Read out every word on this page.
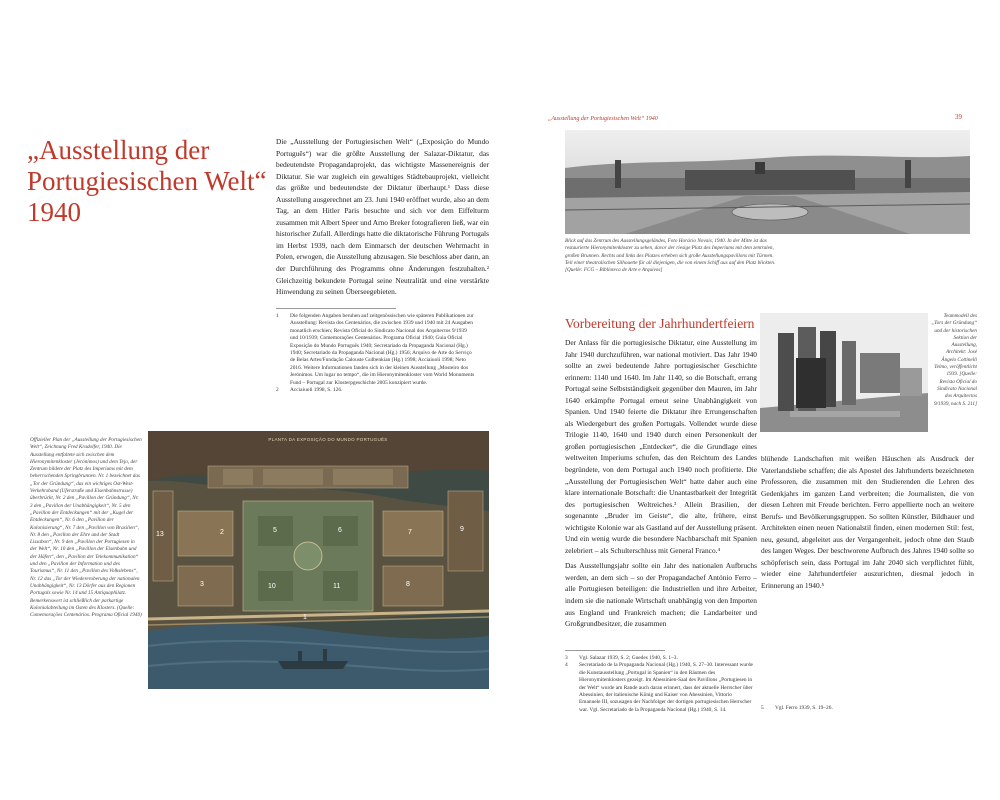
„Ausstellung der Portugiesischen Welt“ 1940

Die „Ausstellung der Portugiesischen Welt“ („Exposição do Mundo Português“) war die größte Ausstellung der Salazar-Diktatur, das bedeutendste Propagandaprojekt, das wichtigste Massenereignis der Diktatur. Sie war zugleich ein gewaltiges Städtebauprojekt, vielleicht das größte und bedeutendste der Diktatur überhaupt.¹ Dass diese Ausstellung ausgerechnet am 23. Juni 1940 eröffnet wurde, also an dem Tag, an dem Hitler Paris besuchte und sich vor dem Eiffelturm zusammen mit Albert Speer und Arno Breker fotografieren ließ, war ein historischer Zufall. Allerdings hatte die diktatorische Führung Portugals im Herbst 1939, nach dem Einmarsch der deutschen Wehrmacht in Polen, erwogen, die Ausstellung abzusagen. Sie beschloss aber dann, an der Durchführung des Programms ohne Änderungen festzuhalten.² Gleichzeitig bekundete Portugal seine Neutralität und eine verstärkte Hinwendung zu seinen Überseegebieten.

1	Die folgenden Angaben beruhen auf zeitgenössischen wie späteren Publikationen zur Ausstellung: Revista dos Centenários, die zwischen 1939 und 1940 mit 24 Ausgaben monatlich erschien; Revista Oficial do Sindicato Nacional dos Arquitectos 9/1939 und 10/1939; Comemorações Centenários. Programa Oficial 1940; Guia Oficial Exposição do Mundo Português 1940; Secretariado da Propaganda Nacional (Hg.) 1940; Secretariado da Propaganda Nacional (Hg.) 1956; Arquivo de Arte do Serviço de Belas Artes/Fundação Calouste Gulbenkian (Hg.) 1998; Acciaiuoli 1998; Neto 2016. Weitere Informationen fanden sich in der kleinen Ausstellung „Mosteiro dos Jerónimos. Um lugar no tempo“, die im Hieronymitenkloster vom World Monuments Fund – Portugal zur Klosterpgeschichte 2005 konzipiert wurde.
2	Acciaiuoli 1998, S. 126.
Offizieller Plan der „Ausstellung der Portugiesischen Welt“, Zeichnung Fred Kradolfer, 1940. Die Ausstellung entfaltete sich zwischen dem Hieronymitenkloster (Jerónimos) und dem Tejo, der Zentrum bildete der Platz des Imperiums mit dem beherrschenden Springbrunnen. Nr. 1 bezeichnet das „Tor der Gründung“, das ein wichtiges Ost-West-Verkehrsband (Uferstraße und Eisenbahnstrasse) überbrückt, Nr. 2 den „Pavillon der Gründung“, Nr. 3 den „Pavillon der Unabhängigkeit“, Nr. 5 den „Pavillon der Entdeckungen“ mit der „Kugel der Entdeckungen“, Nr. 6 den „Pavillon der Kolonisierung“, Nr. 7 den „Pavillon von Brasilien“, Nr. 8 den „Pavillon der Ehre und der Stadt Lissabon“, Nr. 9 den „Pavillon der Portugiesen in der Welt“, Nr. 10 den „Pavillon der Eisenbahn und der Häfen“, den „Pavillon der Telekommunikation“ und den „Pavillon der Information und des Tourismus“, Nr. 11 den „Pavillon des Volkslebens“, Nr. 12 das „Tor der Wiedereroberung der nationalen Unabhängigkeit“, Nr. 13 Dörfer aus den Regionen Portugals sowie Nr. 14 und 15 Antiquaphilatz. Bemerkenswert ist schließlich der parkartige Kolonialabteilung im Osten des Klosters. (Quelle: Comemorações Centenários. Programa Oficial 1940)
PLANTA DA EXPOSIÇÃO DO MUNDO PORTUGUÊS
1
2
3
5	6	7
8
9
10	11
13
„Ausstellung der Portugiesischen Welt“ 1940	39
Blick auf das Zentrum des Ausstellungsgeländes, Foto Horácio Novais, 1940. In der Mitte ist das restaurierte Hieronymitenkloster zu sehen, davor der riesige Platz des Imperiums mit dem zentralen, großen Brunnen. Rechts und links des Platzes erheben sich große Ausstellungspavillons mit Türmen. Teil einer theatralischen Silhouette für all diejenigen, die von einem Schiff aus auf den Platz blickten. [Quelle: FCG – Biblioteca de Arte e Arquivos]
Vorbereitung der Jahrhundertfeiern

Der Anlass für die portugiesische Diktatur, eine Ausstellung im Jahr 1940 durchzuführen, war national motiviert. Das Jahr 1940 sollte an zwei bedeutende Jahre portugiesischer Geschichte erinnern: 1140 und 1640. Im Jahr 1140, so die Botschaft, errang Portugal seine Selbstständigkeit gegenüber den Mauren, im Jahr 1640 erkämpfte Portugal erneut seine Unabhängigkeit von Spanien. Und 1940 feierte die Diktatur ihre Errungenschaften als Wiedergeburt des großen Portugals. Vollendet wurde diese Trilogie 1140, 1640 und 1940 durch einen Personenkult der großen portugiesischen „Entdecker“, die die Grundlage eines weltweiten Imperiums schufen, das den Reichtum des Landes begründete, von dem Portugal auch 1940 noch profitierte. Die „Ausstellung der Portugiesischen Welt“ hatte daher auch eine klare internationale Botschaft: die Unantastbarkeit der Integrität des portugiesischen Weltreiches.³ Allein Brasilien, der sogenannte „Bruder im Geiste“, die alte, frühere, einst wichtigste Kolonie war als Gastland auf der Ausstellung präsent. Und ein wenig wurde die besondere Nachbarschaft mit Spanien zelebriert – als Schulterschluss mit General Franco.⁴

Das Ausstellungsjahr sollte ein Jahr des nationalen Aufbruchs werden, an dem sich – so der Propagandachef António Ferro – alle Portugiesen beteiligen: die Industriellen und ihre Arbeiter, indem sie die nationale Wirtschaft unabhängig von den Importen aus England und Frankreich machen; die Landarbeiter und Großgrundbesitzer, die zusammen

Teammodell des „Tors der Gründung“ und der historischen Sektion der Ausstellung, Architekt: José Ângelo Cottinelli Telmo, veröffentlicht 1939. [Quelle: Revista Oficial do Sindicato Nacional dos Arquitectos 9/1939, nach S. 211]

blühende Landschaften mit weißen Häuschen als Ausdruck der Vaterlandsliebe schaffen; die als Apostel des Jahrhunderts bezeichneten Professoren, die zusammen mit den Studierenden die Lehren des Gedenkjahrs im ganzen Land verbreiten; die Journalisten, die von diesen Lehren mit Freude berichten. Ferro appellierte noch an weitere Berufs- und Bevölkerungsgruppen. So sollten Künstler, Bildhauer und Architekten einen neuen Nationalstil finden, einen modernen Stil: fest, neu, gesund, abgeleitet aus der Vergangenheit, jedoch ohne den Staub des langen Weges. Der beschworene Aufbruch des Jahres 1940 sollte so schöpferisch sein, dass Portugal im Jahr 2040 sich verpflichtet fühlt, wieder eine Jahrhundertfeier auszurichten, diesmal jedoch in Erinnerung an 1940.⁵

3	Vgl. Salazar 1939, S. 2; Guedes 1940, S. 1–3.
4	Secretariado de la Propaganda Nacional (Hg.) 1940, S. 27–30. Interessant wurde die Kunstausstellung „Portugal in Spanien“ in den Räumen des Hieronymitenklosters gezeigt. Im Abessinien-Saal des Pavillons „Portugiesen in der Welt“ wurde am Rande auch daran erinnert, dass der aktuelle Herrscher über Abessinien, der italienische König und Kaiser von Abessinien, Vittorio Emanuele III, sozusagen der Nachfolger der dortigen portugiesischen Herrscher war. Vgl. Secretariado de la Propaganda Nacional (Hg.) 1940, S. 14.	5	Vgl. Ferro 1939, S. 19–26.
